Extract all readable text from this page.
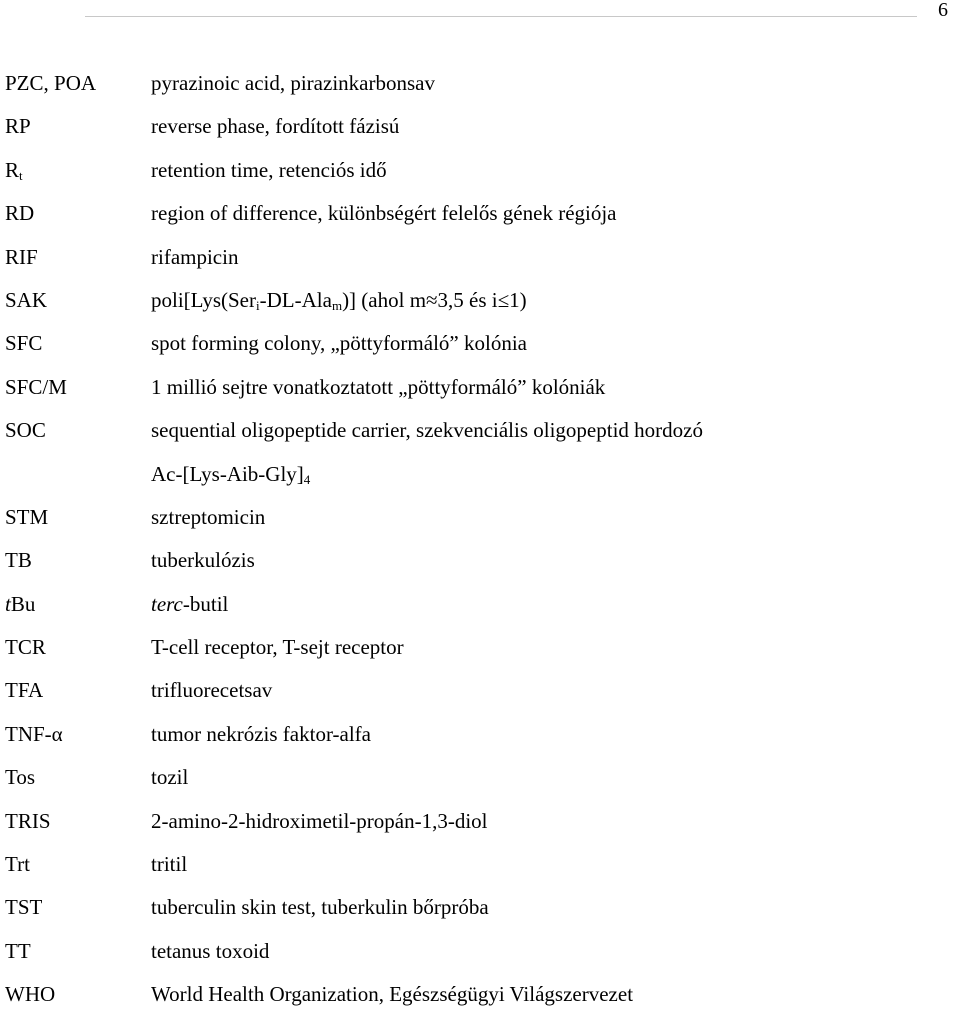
6
PZC, POA	pyrazinoic acid, pirazinkarbonsav
RP	reverse phase, fordított fázisú
$R_t$	retention time, retenciós idő
RD	region of difference, különbségért felelős gének régiója
RIF	rifampicin
SAK	poli[Lys(Ser$_i$-DL-Ala$_m$)] (ahol m≈3,5 és i≤1)
SFC	spot forming colony, „pöttyformáló” kolónia
SFC/M	1 millió sejtre vonatkoztatott „pöttyformáló” kolóniák
SOC	sequential oligopeptide carrier, szekvenciális oligopeptid hordozó
$Ac-[Lys-Aib-Gly]_4$
STM	sztreptomicin
TB	tuberkulózis
tBu	terc-butil
TCR	T-cell receptor, T-sejt receptor
TFA	trifluorecetsav
TNF-α	tumor nekrózis faktor-alfa
Tos	tozil
TRIS	2-amino-2-hidroximetil-propán-1,3-diol
Trt	tritil
TST	tuberculin skin test, tuberkulin bőrpróba
TT	tetanus toxoid
WHO	World Health Organization, Egészségügyi Világszervezet
